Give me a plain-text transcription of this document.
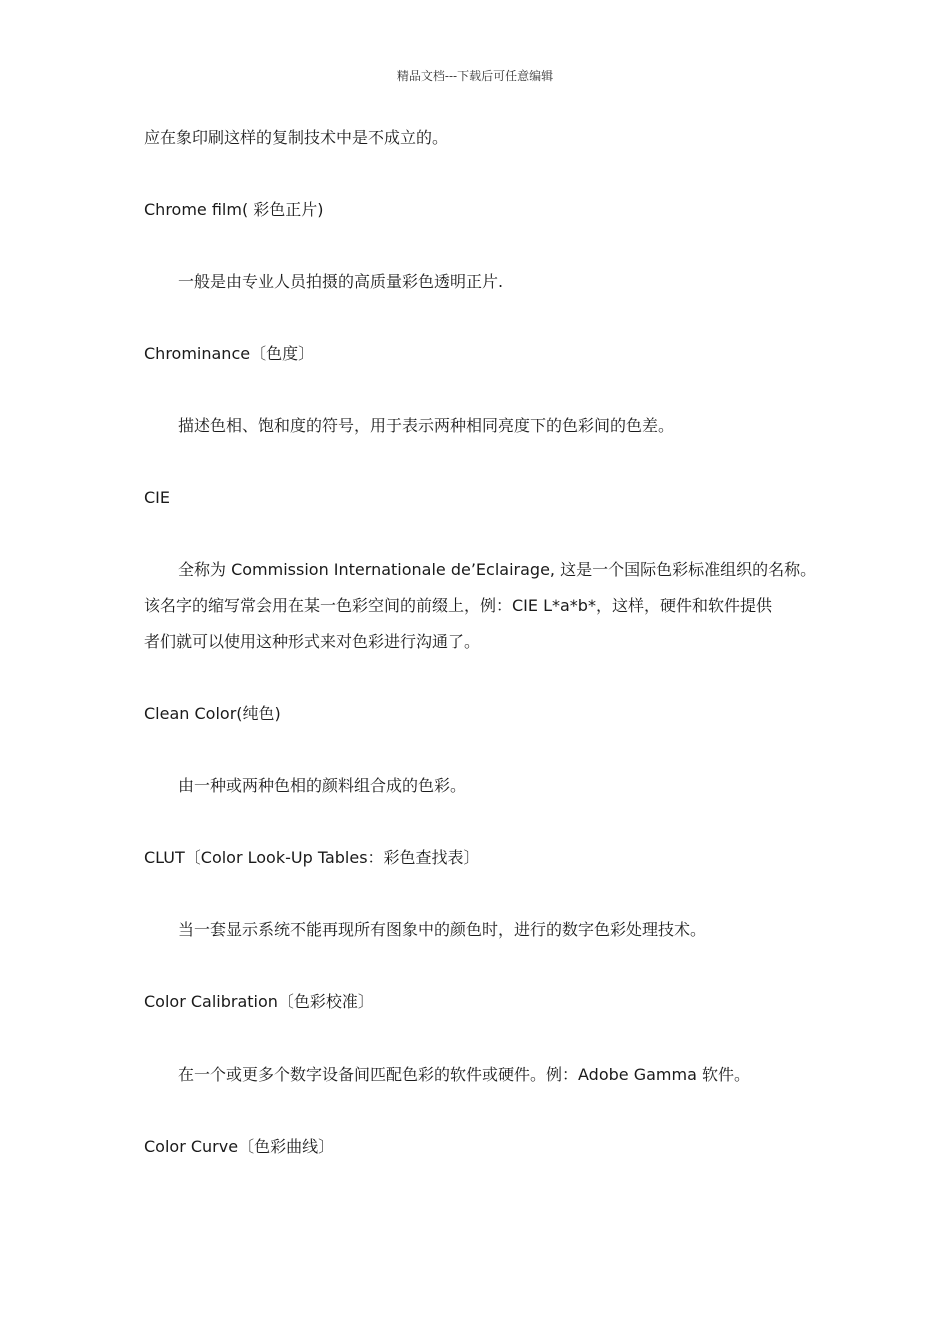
精品文档---下载后可任意编辑
应在象印刷这样的复制技术中是不成立的。
Chrome film( 彩色正片)
一般是由专业人员拍摄的高质量彩色透明正片.
Chrominance〔色度〕
描述色相、饱和度的符号，用于表示两种相同亮度下的色彩间的色差。
CIE
全称为 Commission Internationale de’Eclairage, 这是一个国际色彩标准组织的名称。
该名字的缩写常会用在某一色彩空间的前缀上，例：CIE L*a*b*，这样，硬件和软件提供
者们就可以使用这种形式来对色彩进行沟通了。
Clean Color(纯色)
由一种或两种色相的颜料组合成的色彩。
CLUT〔Color Look-Up Tables：彩色查找表〕
当一套显示系统不能再现所有图象中的颜色时，进行的数字色彩处理技术。
Color Calibration〔色彩校准〕
在一个或更多个数字设备间匹配色彩的软件或硬件。例：Adobe Gamma 软件。
Color Curve〔色彩曲线〕
